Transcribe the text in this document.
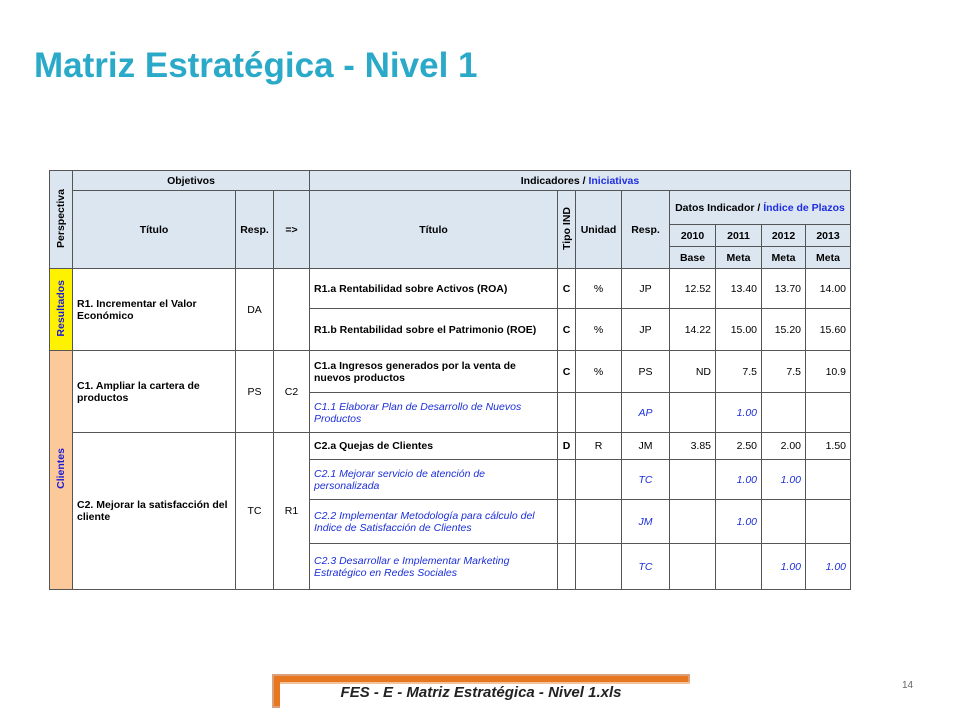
Matriz Estratégica - Nivel 1
Perspectiva	Objetivos			Indicadores / Iniciativas							
	Título	Resp.	=>	Título	Tipo IND	Unidad	Resp.	Datos Indicador / Índice de Plazos			
								2010	2011	2012	2013
								Base	Meta	Meta	Meta
Resultados	R1. Incrementar el Valor Económico	DA		R1.a Rentabilidad sobre Activos (ROA)	C	%	JP	12.52	13.40	13.70	14.00
				R1.b Rentabilidad sobre el Patrimonio (ROE)	C	%	JP	14.22	15.00	15.20	15.60
Clientes	C1. Ampliar la cartera de productos	PS	C2	C1.a Ingresos generados por la venta de nuevos productos	C	%	PS	ND	7.5	7.5	10.9
				C1.1 Elaborar Plan de Desarrollo de Nuevos Productos			AP		1.00		
	C2. Mejorar la satisfacción del cliente	TC	R1	C2.a Quejas de Clientes	D	R	JM	3.85	2.50	2.00	1.50
				C2.1 Mejorar servicio de atención de personalizada			TC		1.00	1.00	
				C2.2 Implementar Metodología para cálculo del Indice de Satisfacción de Clientes			JM		1.00		
				C2.3 Desarrollar e Implementar Marketing Estratégico en Redes Sociales			TC			1.00	1.00
FES - E - Matriz Estratégica - Nivel 1.xls	14
